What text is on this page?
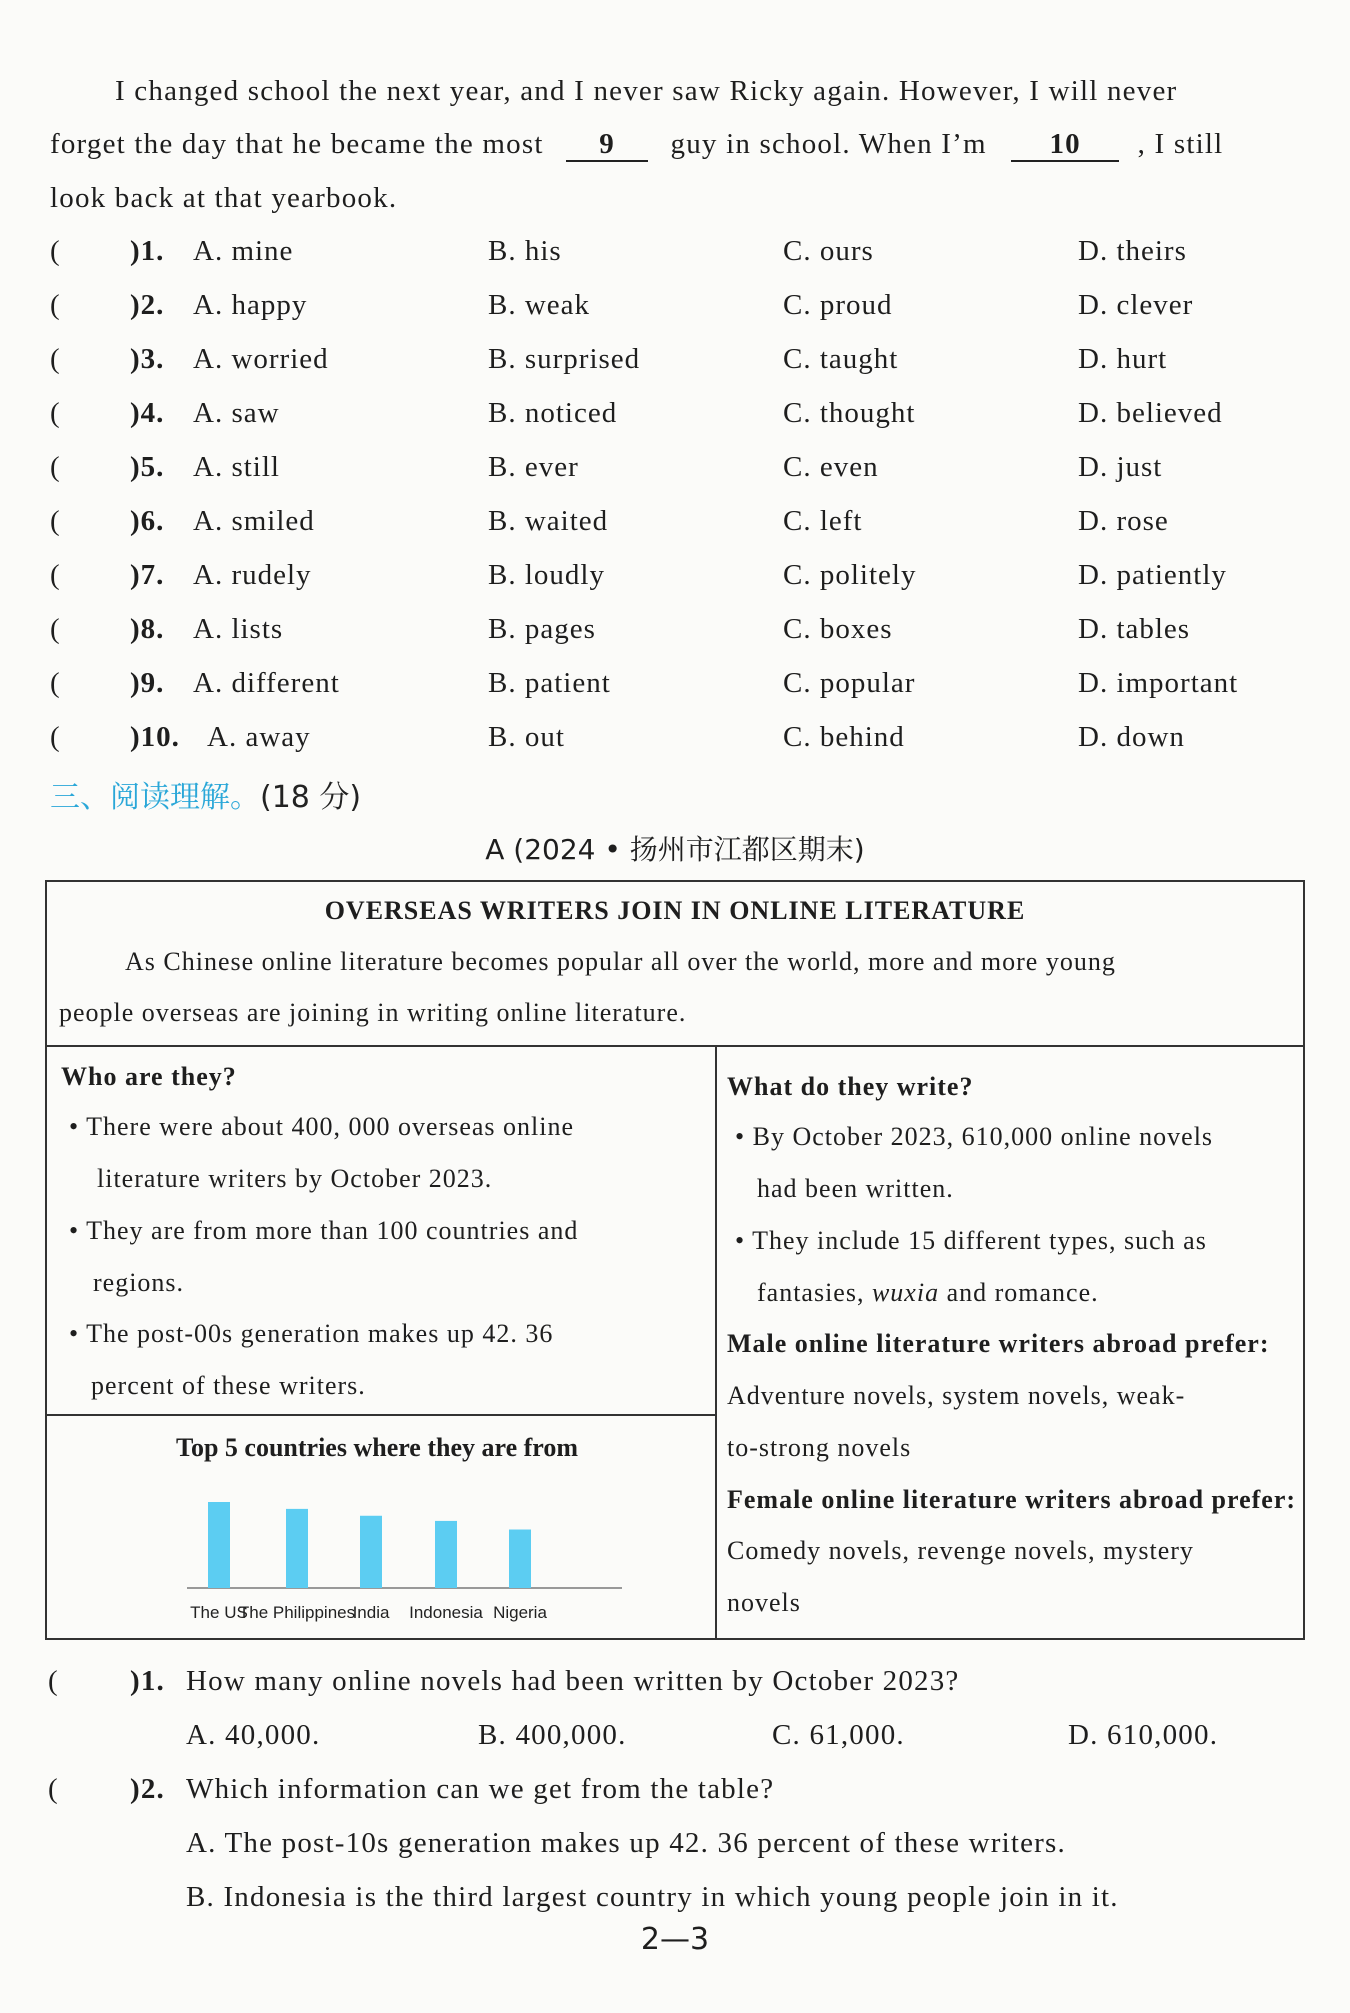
I changed school the next year, and I never saw Ricky again. However, I will never
forget the day that he became the most 9 guy in school. When I’m 10 , I still
look back at that yearbook.
( )1. A. mine	B. his	C. ours	D. theirs
( )2. A. happy	B. weak	C. proud	D. clever
( )3. A. worried	B. surprised	C. taught	D. hurt
( )4. A. saw	B. noticed	C. thought	D. believed
( )5. A. still	B. ever	C. even	D. just
( )6. A. smiled	B. waited	C. left	D. rose
( )7. A. rudely	B. loudly	C. politely	D. patiently
( )8. A. lists	B. pages	C. boxes	D. tables
( )9. A. different	B. patient	C. popular	D. important
( )10. A. away	B. out	C. behind	D. down
三、阅读理解。(18 分)
A (2024 • 扬州市江都区期末)
OVERSEAS WRITERS JOIN IN ONLINE LITERATURE
As Chinese online literature becomes popular all over the world, more and more young
people overseas are joining in writing online literature.
Who are they?
• There were about 400, 000 overseas online
literature writers by October 2023.
• They are from more than 100 countries and
regions.
• The post-00s generation makes up 42. 36
percent of these writers.
Top 5 countries where they are from
The US
The Philippines
India Indonesia Nigeria
What do they write?
• By October 2023, 610,000 online novels
had been written.
• They include 15 different types, such as
fantasies, wuxia and romance.
Male online literature writers abroad prefer:
Adventure novels, system novels, weak-
to-strong novels
Female online literature writers abroad prefer:
Comedy novels, revenge novels, mystery
novels
( )1. How many online novels had been written by October 2023?
A. 40,000.	B. 400,000.	C. 61,000.	D. 610,000.
( )2. Which information can we get from the table?
A. The post-10s generation makes up 42. 36 percent of these writers.
B. Indonesia is the third largest country in which young people join in it.
2—3
